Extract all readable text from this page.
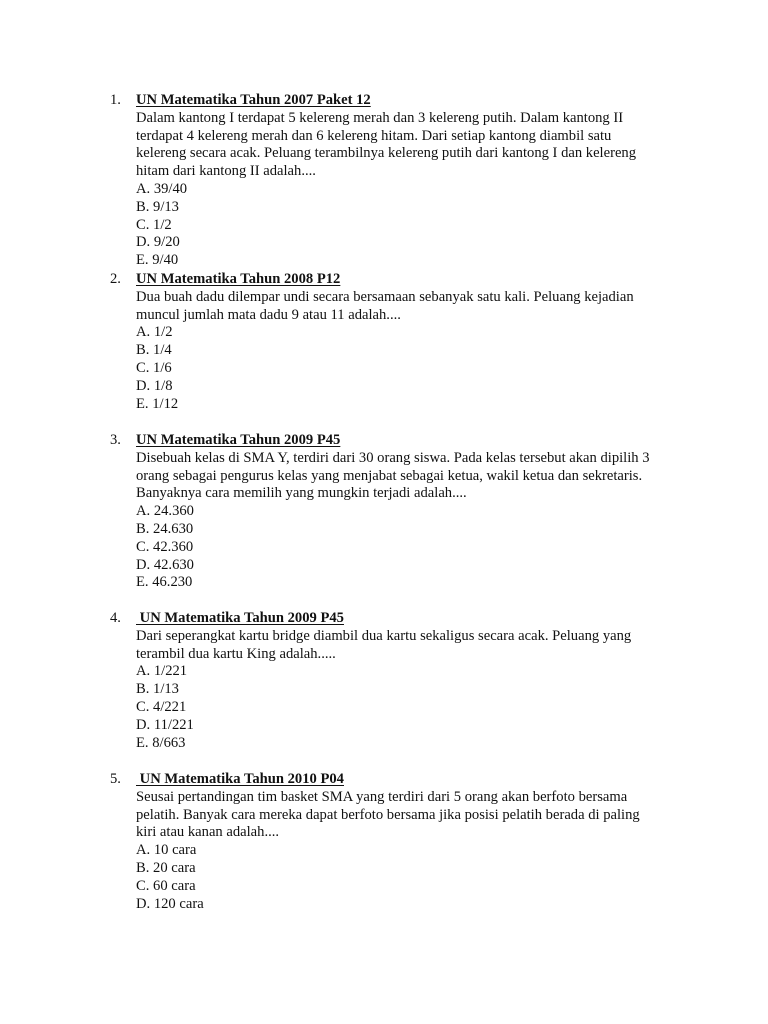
1. UN Matematika Tahun 2007 Paket 12
Dalam kantong I terdapat 5 kelereng merah dan 3 kelereng putih. Dalam kantong II
terdapat 4 kelereng merah dan 6 kelereng hitam. Dari setiap kantong diambil satu
kelereng secara acak. Peluang terambilnya kelereng putih dari kantong I dan kelereng
hitam dari kantong II adalah....
A. 39/40
B. 9/13
C. 1/2
D. 9/20
E. 9/40
2. UN Matematika Tahun 2008 P12
Dua buah dadu dilempar undi secara bersamaan sebanyak satu kali. Peluang kejadian
muncul jumlah mata dadu 9 atau 11 adalah....
A. 1/2
B. 1/4
C. 1/6
D. 1/8
E. 1/12
3. UN Matematika Tahun 2009 P45
Disebuah kelas di SMA Y, terdiri dari 30 orang siswa. Pada kelas tersebut akan dipilih 3
orang sebagai pengurus kelas yang menjabat sebagai ketua, wakil ketua dan sekretaris.
Banyaknya cara memilih yang mungkin terjadi adalah....
A. 24.360
B. 24.630
C. 42.360
D. 42.630
E. 46.230
4. UN Matematika Tahun 2009 P45
Dari seperangkat kartu bridge diambil dua kartu sekaligus secara acak. Peluang yang
terambil dua kartu King adalah.....
A. 1/221
B. 1/13
C. 4/221
D. 11/221
E. 8/663
5. UN Matematika Tahun 2010 P04
Seusai pertandingan tim basket SMA yang terdiri dari 5 orang akan berfoto bersama
pelatih. Banyak cara mereka dapat berfoto bersama jika posisi pelatih berada di paling
kiri atau kanan adalah....
A. 10 cara
B. 20 cara
C. 60 cara
D. 120 cara
